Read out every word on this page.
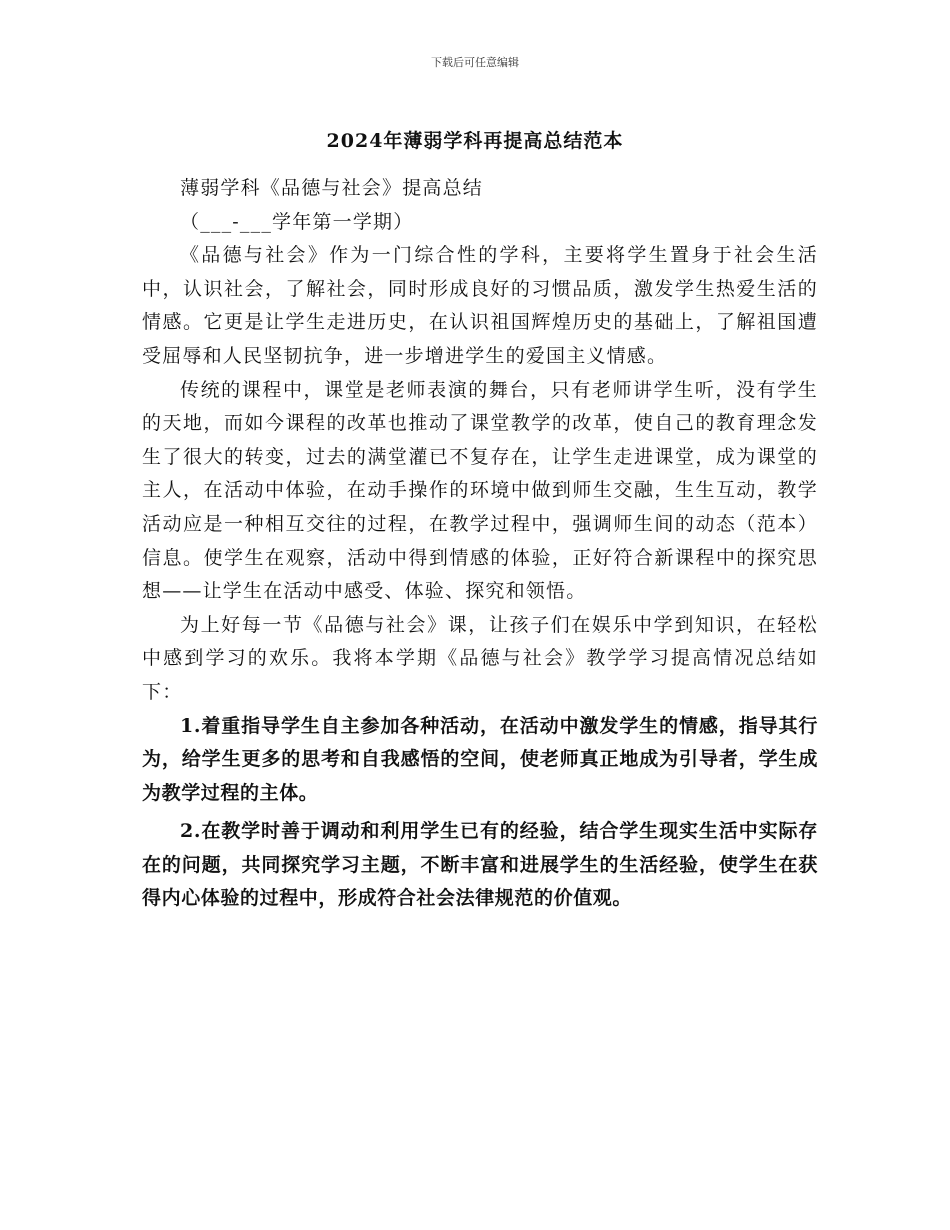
下载后可任意编辑
2024年薄弱学科再提高总结范本

薄弱学科《品德与社会》提高总结

（___-___学年第一学期）

《品德与社会》作为一门综合性的学科，主要将学生置身于社会生活中，认识社会，了解社会，同时形成良好的习惯品质，激发学生热爱生活的情感。它更是让学生走进历史，在认识祖国辉煌历史的基础上，了解祖国遭受屈辱和人民坚韧抗争，进一步增进学生的爱国主义情感。

传统的课程中，课堂是老师表演的舞台，只有老师讲学生听，没有学生的天地，而如今课程的改革也推动了课堂教学的改革，使自己的教育理念发生了很大的转变，过去的满堂灌已不复存在，让学生走进课堂，成为课堂的主人，在活动中体验，在动手操作的环境中做到师生交融，生生互动，教学活动应是一种相互交往的过程，在教学过程中，强调师生间的动态（范本）信息。使学生在观察，活动中得到情感的体验，正好符合新课程中的探究思想——让学生在活动中感受、体验、探究和领悟。

为上好每一节《品德与社会》课，让孩子们在娱乐中学到知识，在轻松中感到学习的欢乐。我将本学期《品德与社会》教学学习提高情况总结如下：

1.着重指导学生自主参加各种活动，在活动中激发学生的情感，指导其行为，给学生更多的思考和自我感悟的空间，使老师真正地成为引导者，学生成为教学过程的主体。

2.在教学时善于调动和利用学生已有的经验，结合学生现实生活中实际存在的问题，共同探究学习主题，不断丰富和进展学生的生活经验，使学生在获得内心体验的过程中，形成符合社会法律规范的价值观。
